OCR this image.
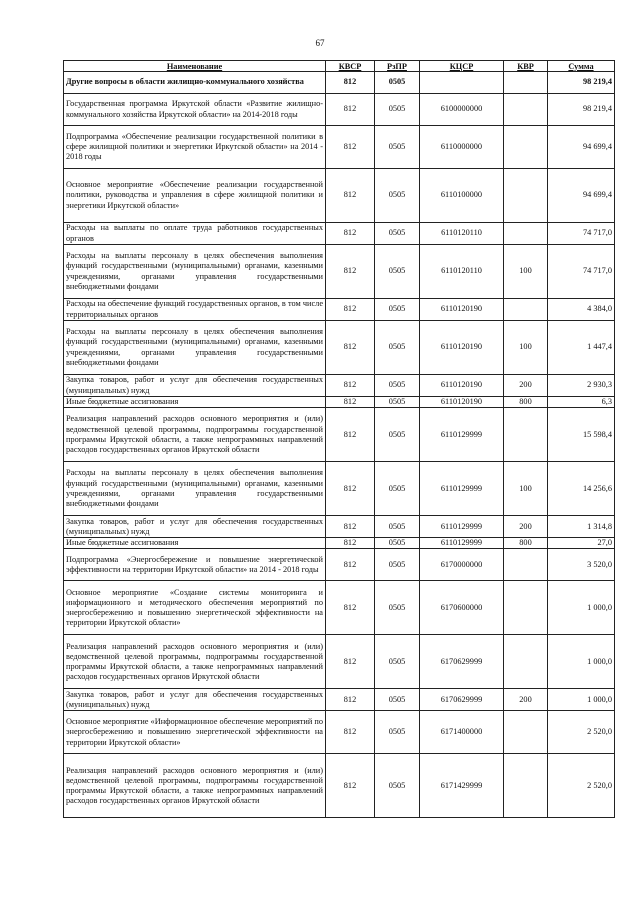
67
Наименование	КВСР	РзПР	КЦСР	КВР	Сумма
Другие вопросы в области жилищно-коммунального хозяйства	812	0505			98 219,4
Государственная программа Иркутской области «Развитие жилищно-коммунального хозяйства Иркутской области» на 2014-2018 годы	812	0505	6100000000		98 219,4
Подпрограмма «Обеспечение реализации государственной политики в сфере жилищной политики и энергетики Иркутской области» на 2014 - 2018 годы	812	0505	6110000000		94 699,4
Основное мероприятие «Обеспечение реализации государственной политики, руководства и управления в сфере жилищной политики и энергетики Иркутской области»	812	0505	6110100000		94 699,4
Расходы на выплаты по оплате труда работников государственных органов	812	0505	6110120110		74 717,0
Расходы на выплаты персоналу в целях обеспечения выполнения функций государственными (муниципальными) органами, казенными учреждениями, органами управления государственными внебюджетными фондами	812	0505	6110120110	100	74 717,0
Расходы на обеспечение функций государственных органов, в том числе территориальных органов	812	0505	6110120190		4 384,0
Расходы на выплаты персоналу в целях обеспечения выполнения функций государственными (муниципальными) органами, казенными учреждениями, органами управления государственными внебюджетными фондами	812	0505	6110120190	100	1 447,4
Закупка товаров, работ и услуг для обеспечения государственных (муниципальных) нужд	812	0505	6110120190	200	2 930,3
Иные бюджетные ассигнования	812	0505	6110120190	800	6,3
Реализация направлений расходов основного мероприятия и (или) ведомственной целевой программы, подпрограммы государственной программы Иркутской области, а также непрограммных направлений расходов государственных органов Иркутской области	812	0505	6110129999		15 598,4
Расходы на выплаты персоналу в целях обеспечения выполнения функций государственными (муниципальными) органами, казенными учреждениями, органами управления государственными внебюджетными фондами	812	0505	6110129999	100	14 256,6
Закупка товаров, работ и услуг для обеспечения государственных (муниципальных) нужд	812	0505	6110129999	200	1 314,8
Иные бюджетные ассигнования	812	0505	6110129999	800	27,0
Подпрограмма «Энергосбережение и повышение энергетической эффективности на территории Иркутской области» на 2014 - 2018 годы	812	0505	6170000000		3 520,0
Основное мероприятие «Создание системы мониторинга и информационного и методического обеспечения мероприятий по энергосбережению и повышению энергетической эффективности на территории Иркутской области»	812	0505	6170600000		1 000,0
Реализация направлений расходов основного мероприятия и (или) ведомственной целевой программы, подпрограммы государственной программы Иркутской области, а также непрограммных направлений расходов государственных органов Иркутской области	812	0505	6170629999		1 000,0
Закупка товаров, работ и услуг для обеспечения государственных (муниципальных) нужд	812	0505	6170629999	200	1 000,0
Основное мероприятие «Информационное обеспечение мероприятий по энергосбережению и повышению энергетической эффективности на территории Иркутской области»	812	0505	6171400000		2 520,0
Реализация направлений расходов основного мероприятия и (или) ведомственной целевой программы, подпрограммы государственной программы Иркутской области, а также непрограммных направлений расходов государственных органов Иркутской области	812	0505	6171429999		2 520,0
